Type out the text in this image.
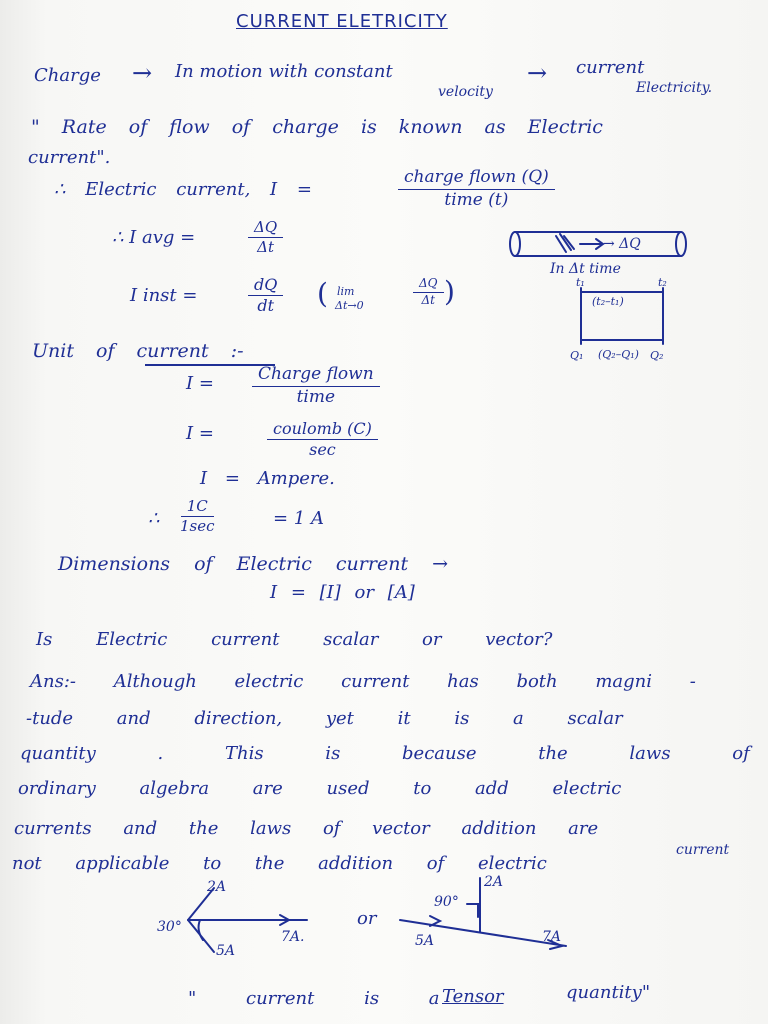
CURRENT ELETRICITY
Charge → In motion with constant
velocity
→ current
Electricity.
" Rate of flow of charge is known as Electric
current".
∴ Electric current, I =
charge flown (Q)
time (t)
∴ I avg =	$\frac{\Delta Q}{\Delta t}$
I inst =	$\frac{dQ}{dt}$ ( lim
Δt→0	$\frac{\Delta Q}{\Delta t}$ )
→ ΔQ
In Δt time
t₁	t₂
(t₂–t₁)
Q₁ (Q₂–Q₁) Q₂
Unit of current :-
I =	Charge flown
time
I =	coulomb (C)
sec
I = Ampere.
∴
1C
1sec	= 1 A
Dimensions of Electric current →
I = [I] or [A]
Is Electric current scalar or vector?
Ans:- Although electric current has both magni -
-tude and direction, yet it is a scalar
quantity . This is because the laws of
ordinary algebra are used to add electric
currents and the laws of vector addition are
not applicable to the addition of electric
current
2A
30°
5A
7A.
or
2A
90°
5A	7A
" current is a Tensor	quantity"
